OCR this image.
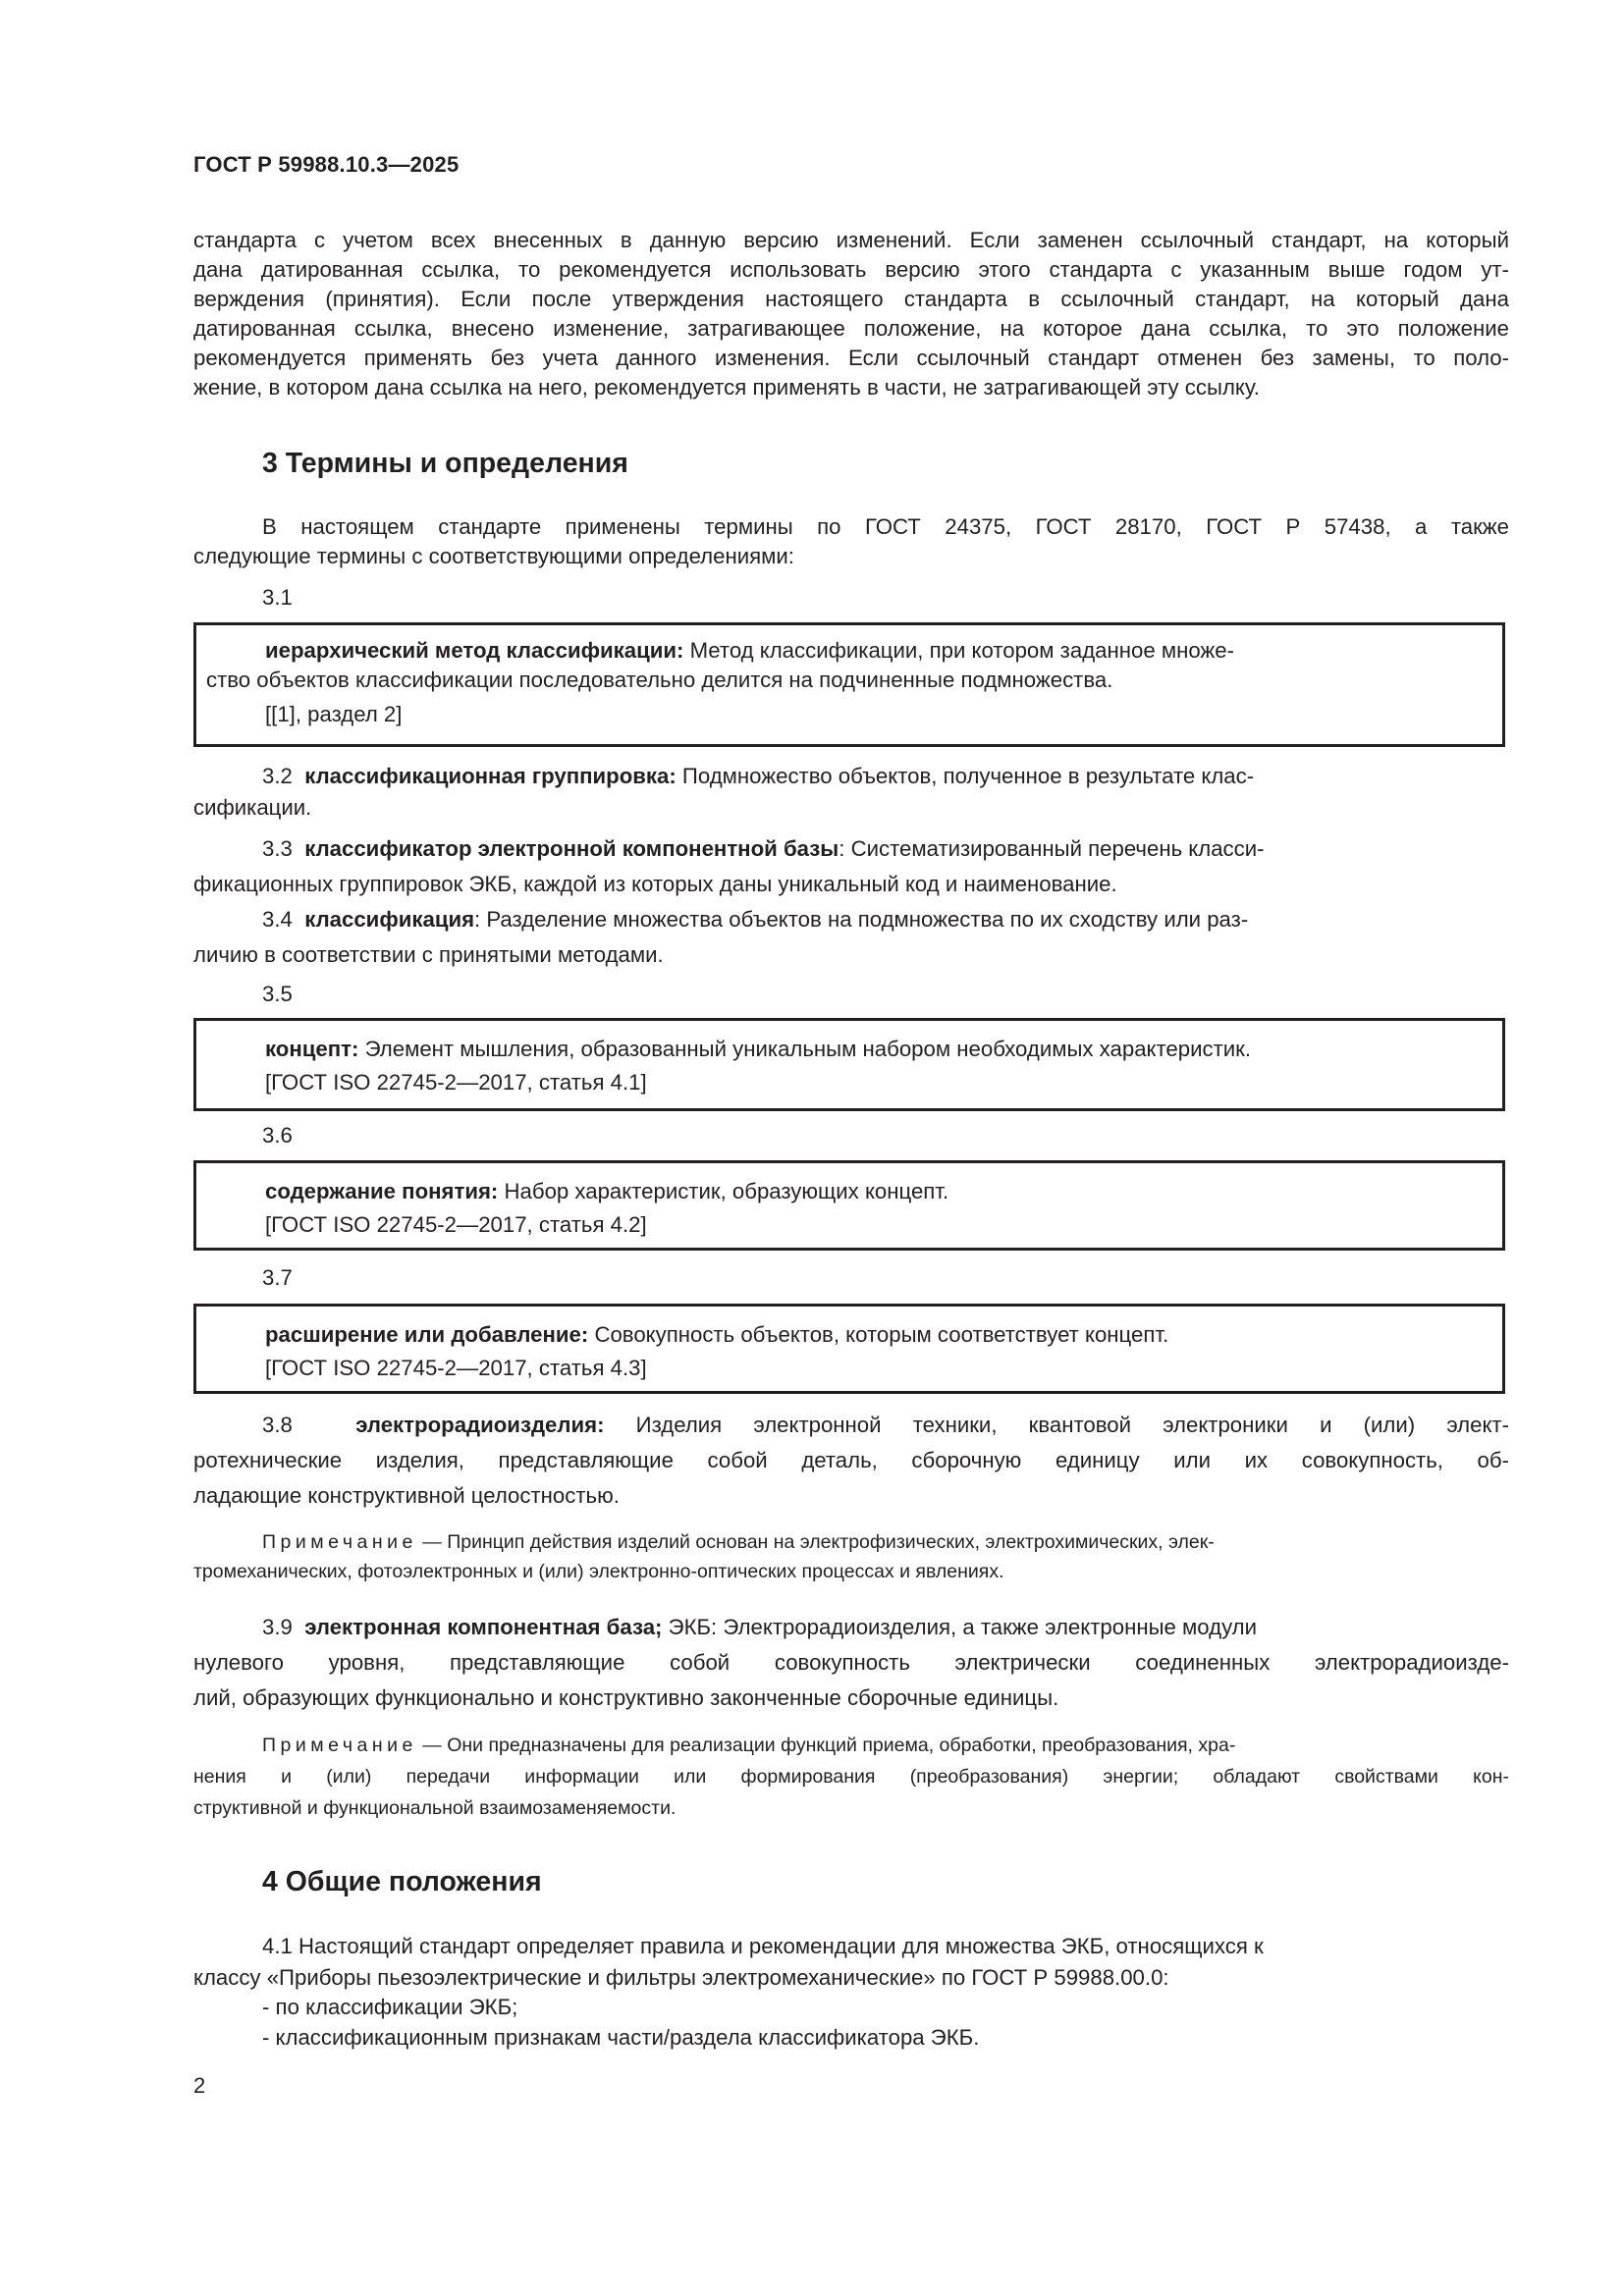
ГОСТ Р 59988.10.3—2025
стандарта с учетом всех внесенных в данную версию изменений. Если заменен ссылочный стандарт, на который
дана датированная ссылка, то рекомендуется использовать версию этого стандарта с указанным выше годом ут-
верждения (принятия). Если после утверждения настоящего стандарта в ссылочный стандарт, на который дана
датированная ссылка, внесено изменение, затрагивающее положение, на которое дана ссылка, то это положение
рекомендуется применять без учета данного изменения. Если ссылочный стандарт отменен без замены, то поло-
жение, в котором дана ссылка на него, рекомендуется применять в части, не затрагивающей эту ссылку.
3 Термины и определения
В настоящем стандарте применены термины по ГОСТ 24375, ГОСТ 28170, ГОСТ Р 57438, а также
следующие термины с соответствующими определениями:
3.1
иерархический метод классификации: Метод классификации, при котором заданное множе-
ство объектов классификации последовательно делится на подчиненные подмножества.
[[1], раздел 2]
3.2 классификационная группировка: Подмножество объектов, полученное в результате клас-
сификации.
3.3 классификатор электронной компонентной базы: Систематизированный перечень класси-
фикационных группировок ЭКБ, каждой из которых даны уникальный код и наименование.
3.4 классификация: Разделение множества объектов на подмножества по их сходству или раз-
личию в соответствии с принятыми методами.
3.5
концепт: Элемент мышления, образованный уникальным набором необходимых характеристик.
[ГОСТ ISO 22745-2—2017, статья 4.1]
3.6
содержание понятия: Набор характеристик, образующих концепт.
[ГОСТ ISO 22745-2—2017, статья 4.2]
3.7
расширение или добавление: Совокупность объектов, которым соответствует концепт.
[ГОСТ ISO 22745-2—2017, статья 4.3]
3.8	электрорадиоизделия: Изделия электронной техники, квантовой электроники и (или) элект-
ротехнические изделия, представляющие собой деталь, сборочную единицу или их совокупность, об-
ладающие конструктивной целостностью.
Примечание — Принцип действия изделий основан на электрофизических, электрохимических, элек-
тромеханических, фотоэлектронных и (или) электронно-оптических процессах и явлениях.
3.9 электронная компонентная база; ЭКБ: Электрорадиоизделия, а также электронные модули
нулевого уровня, представляющие собой совокупность электрически соединенных электрорадиоизде-
лий, образующих функционально и конструктивно законченные сборочные единицы.
Примечание — Они предназначены для реализации функций приема, обработки, преобразования, хра-
нения и (или) передачи информации или формирования (преобразования) энергии; обладают свойствами кон-
структивной и функциональной взаимозаменяемости.
4 Общие положения
4.1 Настоящий стандарт определяет правила и рекомендации для множества ЭКБ, относящихся к
классу «Приборы пьезоэлектрические и фильтры электромеханические» по ГОСТ Р 59988.00.0:
- по классификации ЭКБ;
- классификационным признакам части/раздела классификатора ЭКБ.
2
